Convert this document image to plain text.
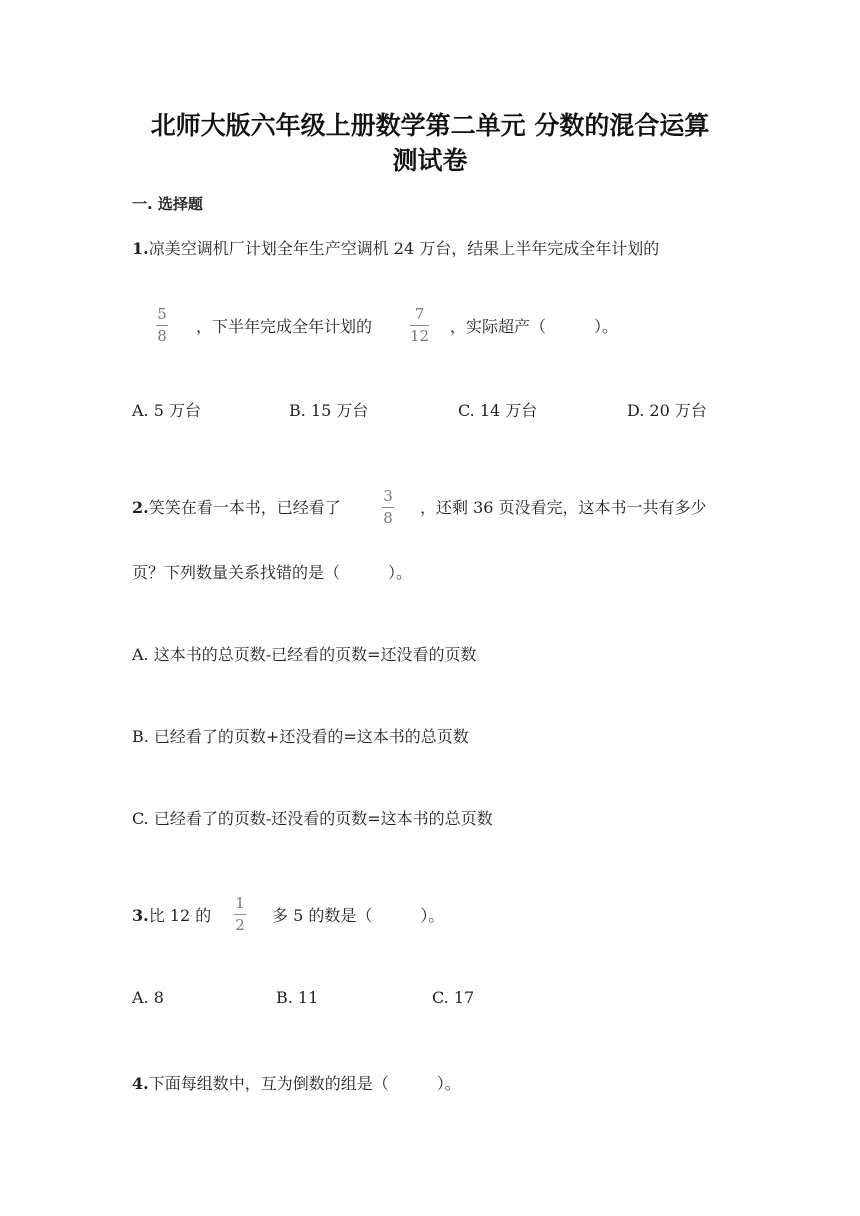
北师大版六年级上册数学第二单元 分数的混合运算
测试卷
一. 选择题
1.凉美空调机厂计划全年生产空调机 24 万台，结果上半年完成全年计划的
5
8 ，下半年完成全年计划的
7
12 ，实际超产（　　　）。
A. 5 万台	B. 15 万台	C. 14 万台	D. 20 万台
2.笑笑在看一本书，已经看了
3
8
，还剩 36 页没看完，这本书一共有多少
页？下列数量关系找错的是（　　　）。
A. 这本书的总页数-已经看的页数=还没看的页数
B. 已经看了的页数+还没看的=这本书的总页数
C. 已经看了的页数-还没看的页数=这本书的总页数
3.比 12 的
1
2 多 5 的数是（　　　）。
A. 8	B. 11	C. 17
4.下面每组数中，互为倒数的组是（　　　）。
